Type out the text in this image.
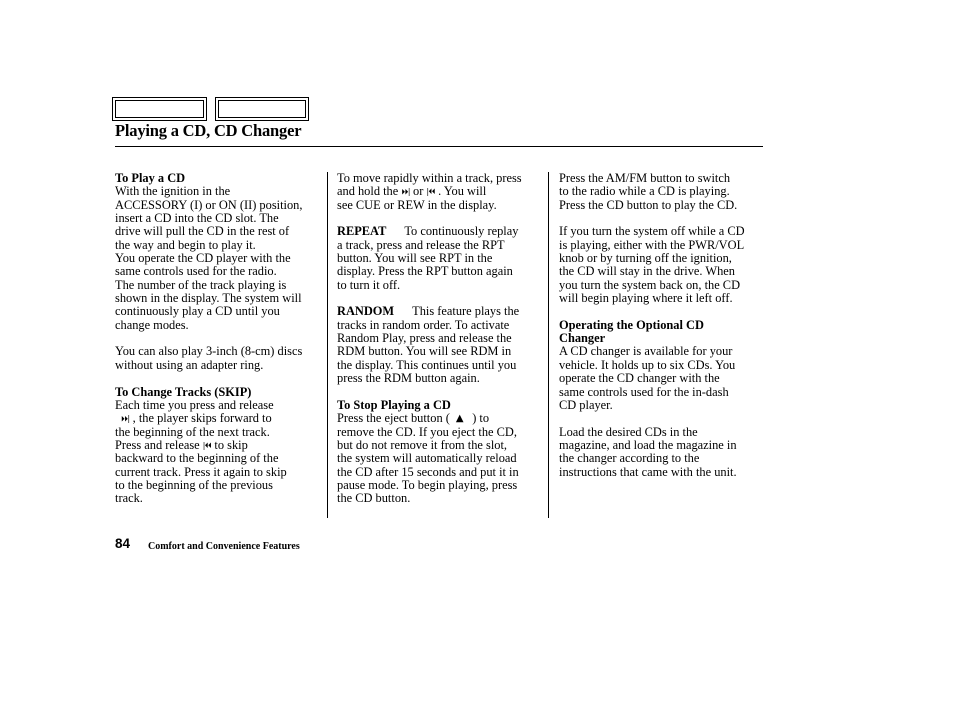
Playing a CD, CD Changer

To Play a CD
With the ignition in the
ACCESSORY (I) or ON (II) position,
insert a CD into the CD slot. The
drive will pull the CD in the rest of
the way and begin to play it.
You operate the CD player with the
same controls used for the radio.
The number of the track playing is
shown in the display. The system will
continuously play a CD until you
change modes.

You can also play 3-inch (8-cm) discs
without using an adapter ring.

To Change Tracks (SKIP)
Each time you press and release
⏵⏵| , the player skips forward to
the beginning of the next track.
Press and release |⏴⏴ to skip
backward to the beginning of the
current track. Press it again to skip
to the beginning of the previous
track.

To move rapidly within a track, press
and hold the ⏵⏵| or |⏴⏴ . You will
see CUE or REW in the display.

REPEAT To continuously replay
a track, press and release the RPT
button. You will see RPT in the
display. Press the RPT button again
to turn it off.

RANDOM This feature plays the
tracks in random order. To activate
Random Play, press and release the
RDM button. You will see RDM in
the display. This continues until you
press the RDM button again.

To Stop Playing a CD
Press the eject button ( ▲ ) to
remove the CD. If you eject the CD,
but do not remove it from the slot,
the system will automatically reload
the CD after 15 seconds and put it in
pause mode. To begin playing, press
the CD button.

Press the AM/FM button to switch
to the radio while a CD is playing.
Press the CD button to play the CD.

If you turn the system off while a CD
is playing, either with the PWR/VOL
knob or by turning off the ignition,
the CD will stay in the drive. When
you turn the system back on, the CD
will begin playing where it left off.

Operating the Optional CD
Changer
A CD changer is available for your
vehicle. It holds up to six CDs. You
operate the CD changer with the
same controls used for the in-dash
CD player.

Load the desired CDs in the
magazine, and load the magazine in
the changer according to the
instructions that came with the unit.

84 Comfort and Convenience Features
